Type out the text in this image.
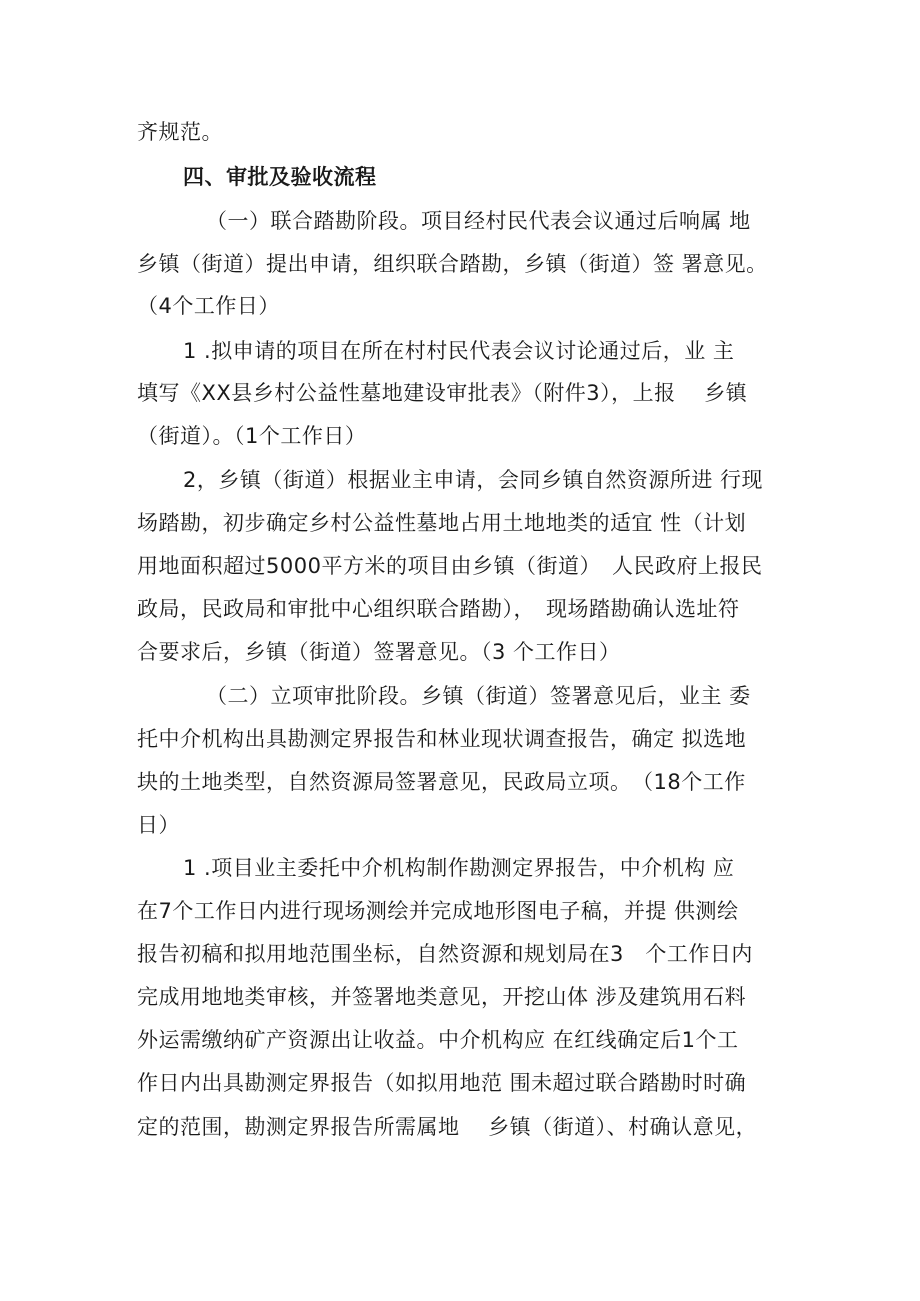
齐规范。
四、审批及验收流程
（一）联合踏勘阶段。项目经村民代表会议通过后响属 地
乡镇（街道）提出申请，组织联合踏勘，乡镇（街道）签 署意见。
（4个工作日）
1 .拟申请的项目在所在村村民代表会议讨论通过后，业 主
填写《XX县乡村公益性墓地建设审批表》（附件3），上报　 乡镇
（街道）。（1个工作日）
2，乡镇（街道）根据业主申请，会同乡镇自然资源所进 行现
场踏勘，初步确定乡村公益性墓地占用土地地类的适宜 性（计划
用地面积超过5000平方米的项目由乡镇（街道）　人民政府上报民
政局，民政局和审批中心组织联合踏勘），　现场踏勘确认选址符
合要求后，乡镇（街道）签署意见。（3 个工作日）
（二）立项审批阶段。乡镇（街道）签署意见后，业主 委
托中介机构出具勘测定界报告和林业现状调查报告，确定 拟选地
块的土地类型，自然资源局签署意见，民政局立项。　（18个工作
日）
1 .项目业主委托中介机构制作勘测定界报告，中介机构 应
在7个工作日内进行现场测绘并完成地形图电子稿，并提 供测绘
报告初稿和拟用地范围坐标，自然资源和规划局在3　个工作日内
完成用地地类审核，并签署地类意见，开挖山体 涉及建筑用石料
外运需缴纳矿产资源出让收益。中介机构应 在红线确定后1个工
作日内出具勘测定界报告（如拟用地范 围未超过联合踏勘时时确
定的范围，勘测定界报告所需属地　 乡镇（街道）、村确认意见，
